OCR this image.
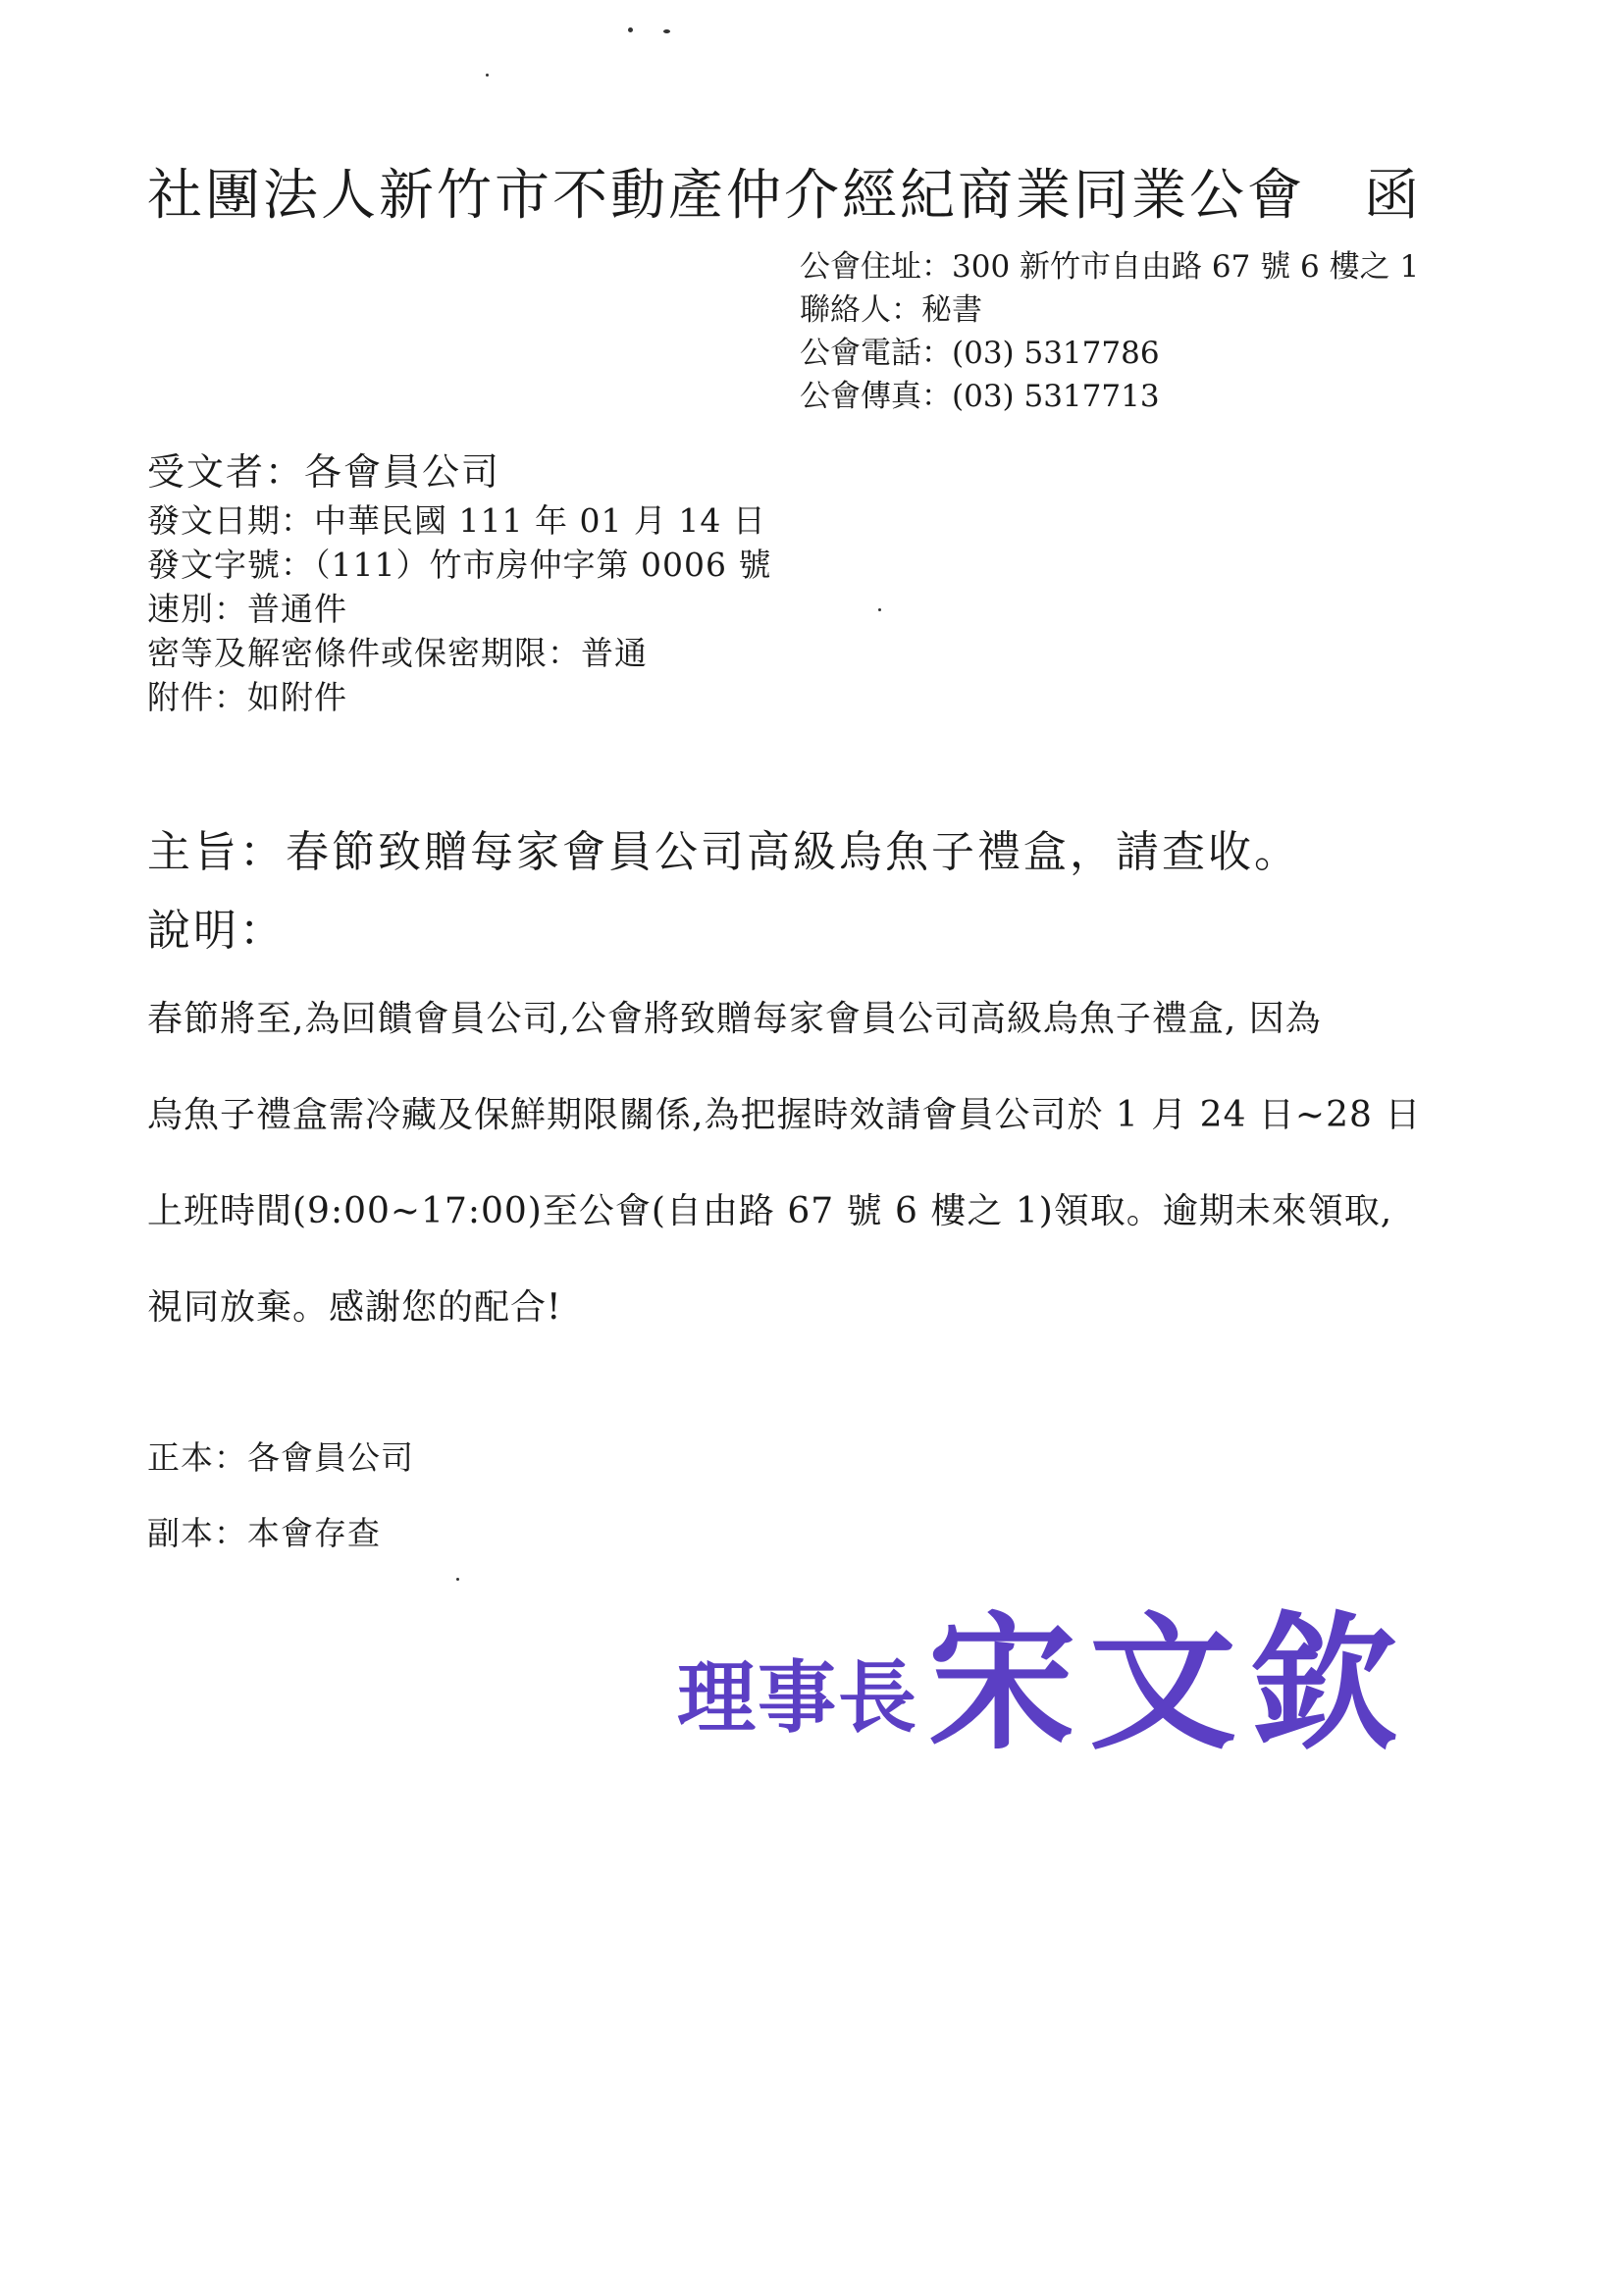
社團法人新竹市不動產仲介經紀商業同業公會 函
公會住址：300 新竹市自由路 67 號 6 樓之 1
聯絡人：秘書
公會電話：(03) 5317786
公會傳真：(03) 5317713
受文者：各會員公司
發文日期：中華民國 111 年 01 月 14 日
發文字號：（111）竹市房仲字第 0006 號
速別：普通件
密等及解密條件或保密期限：普通
附件：如附件
主旨：春節致贈每家會員公司高級烏魚子禮盒，請查收。
說明：
春節將至,為回饋會員公司,公會將致贈每家會員公司高級烏魚子禮盒, 因為
烏魚子禮盒需冷藏及保鮮期限關係,為把握時效請會員公司於 1 月 24 日~28 日
上班時間(9:00~17:00)至公會(自由路 67 號 6 樓之 1)領取。逾期未來領取,
視同放棄。感謝您的配合!
正本：各會員公司
副本：本會存查
理事長宋文欽
